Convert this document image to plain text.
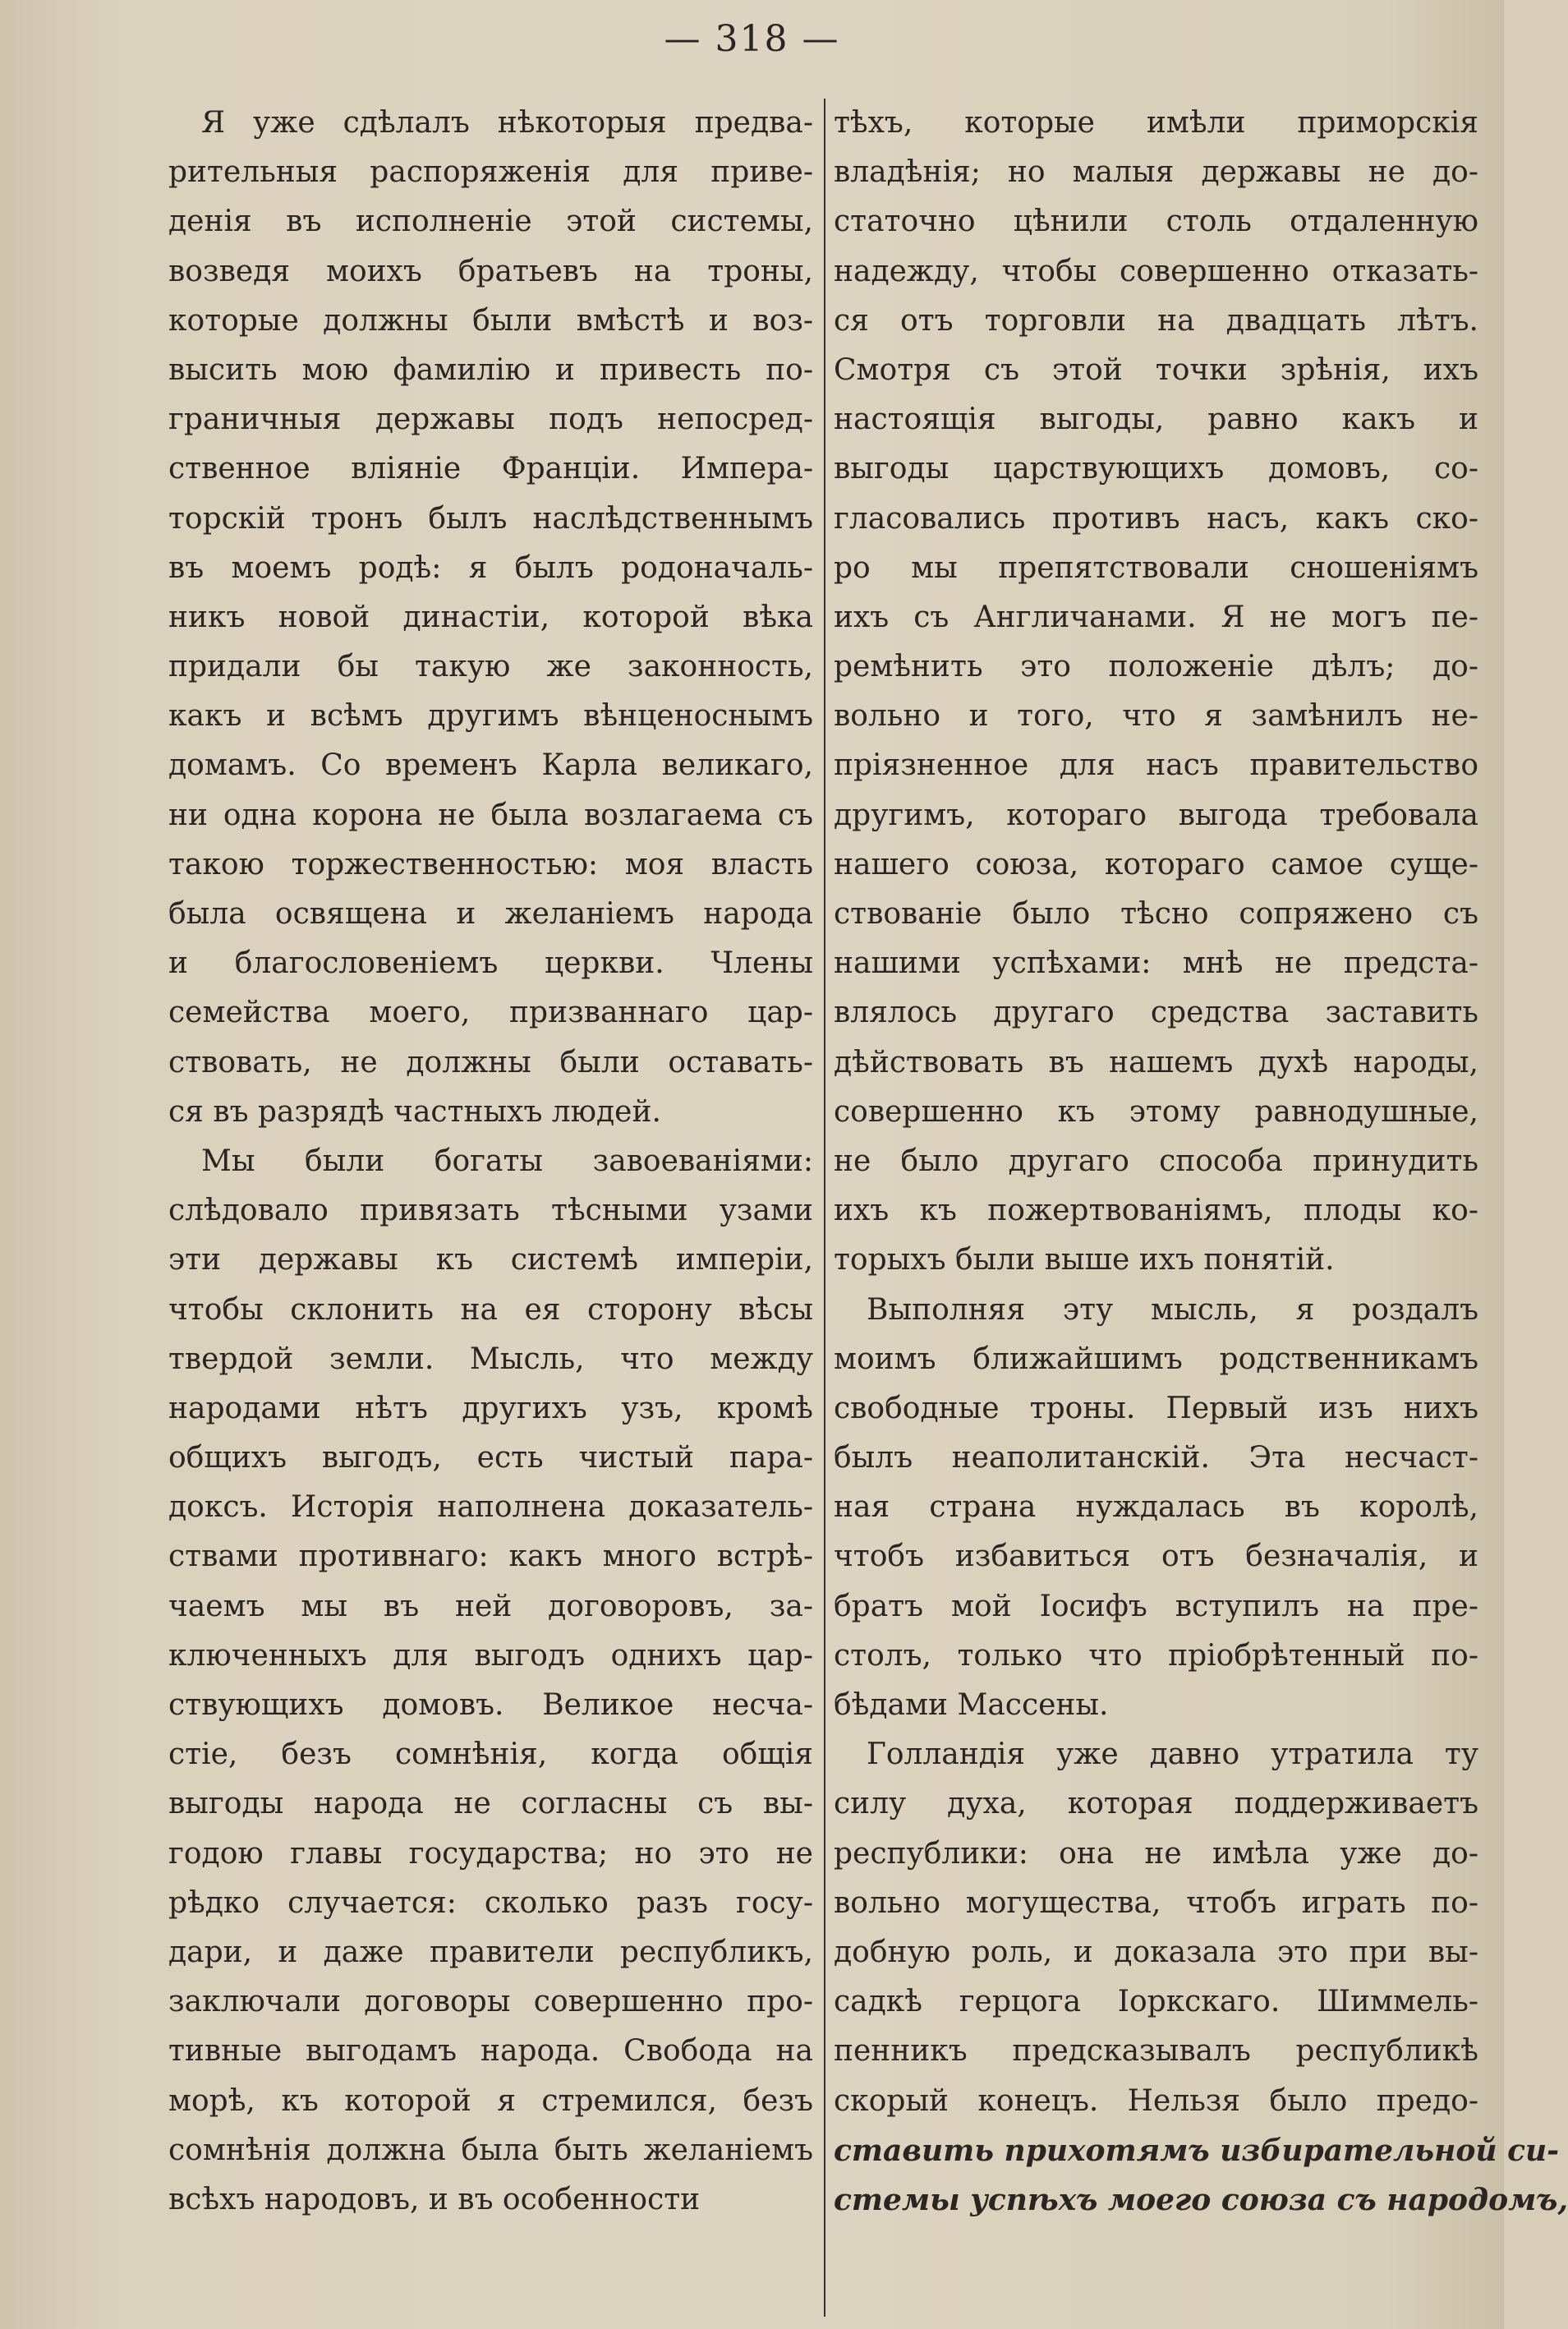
— 318 —
Я уже сдѣлалъ нѣкоторыя предва-
рительныя распоряженія для приве-
денія въ исполненіе этой системы,
возведя моихъ братьевъ на троны,
которые должны были вмѣстѣ и воз-
высить мою фамилію и привесть по-
граничныя державы подъ непосред-
ственное вліяніе Франціи. Импера-
торскій тронъ былъ наслѣдственнымъ
въ моемъ родѣ: я былъ родоначаль-
никъ новой династіи, которой вѣка
придали бы такую же законность,
какъ и всѣмъ другимъ вѣнценоснымъ
домамъ. Со временъ Карла великаго,
ни одна корона не была возлагаема съ
такою торжественностью: моя власть
была освящена и желаніемъ народа
и благословеніемъ церкви. Члены
семейства моего, призваннаго цар-
ствовать, не должны были оставать-
ся въ разрядѣ частныхъ людей.
Мы были богаты завоеваніями:
слѣдовало привязать тѣсными узами
эти державы къ системѣ имперіи,
чтобы склонить на ея сторону вѣсы
твердой земли. Мысль, что между
народами нѣтъ другихъ узъ, кромѣ
общихъ выгодъ, есть чистый пара-
доксъ. Исторія наполнена доказатель-
ствами противнаго: какъ много встрѣ-
чаемъ мы въ ней договоровъ, за-
ключенныхъ для выгодъ однихъ цар-
ствующихъ домовъ. Великое несча-
стіе, безъ сомнѣнія, когда общія
выгоды народа не согласны съ вы-
годою главы государства; но это не
рѣдко случается: сколько разъ госу-
дари, и даже правители республикъ,
заключали договоры совершенно про-
тивные выгодамъ народа. Свобода на
морѣ, къ которой я стремился, безъ
сомнѣнія должна была быть желаніемъ
всѣхъ народовъ, и въ особенности
тѣхъ, которые имѣли приморскія
владѣнія; но малыя державы не до-
статочно цѣнили столь отдаленную
надежду, чтобы совершенно отказать-
ся отъ торговли на двадцать лѣтъ.
Смотря съ этой точки зрѣнія, ихъ
настоящія выгоды, равно какъ и
выгоды царствующихъ домовъ, со-
гласовались противъ насъ, какъ ско-
ро мы препятствовали сношеніямъ
ихъ съ Англичанами. Я не могъ пе-
ремѣнить это положеніе дѣлъ; до-
вольно и того, что я замѣнилъ не-
пріязненное для насъ правительство
другимъ, котораго выгода требовала
нашего союза, котораго самое суще-
ствованіе было тѣсно сопряжено съ
нашими успѣхами: мнѣ не предста-
влялось другаго средства заставить
дѣйствовать въ нашемъ духѣ народы,
совершенно къ этому равнодушные,
не было другаго способа принудить
ихъ къ пожертвованіямъ, плоды ко-
торыхъ были выше ихъ понятій.
Выполняя эту мысль, я роздалъ
моимъ ближайшимъ родственникамъ
свободные троны. Первый изъ нихъ
былъ неаполитанскій. Эта несчаст-
ная страна нуждалась въ королѣ,
чтобъ избавиться отъ безначалія, и
братъ мой Іосифъ вступилъ на пре-
столъ, только что пріобрѣтенный по-
бѣдами Массены.
Голландія уже давно утратила ту
силу духа, которая поддерживаетъ
республики: она не имѣла уже до-
вольно могущества, чтобъ играть по-
добную роль, и доказала это при вы-
садкѣ герцога Іоркскаго. Шиммель-
пенникъ предсказывалъ республикѣ
скорый конецъ. Нельзя было предо-
ставить прихотямъ избирательной си-
стемы успѣхъ моего союза съ народомъ,
